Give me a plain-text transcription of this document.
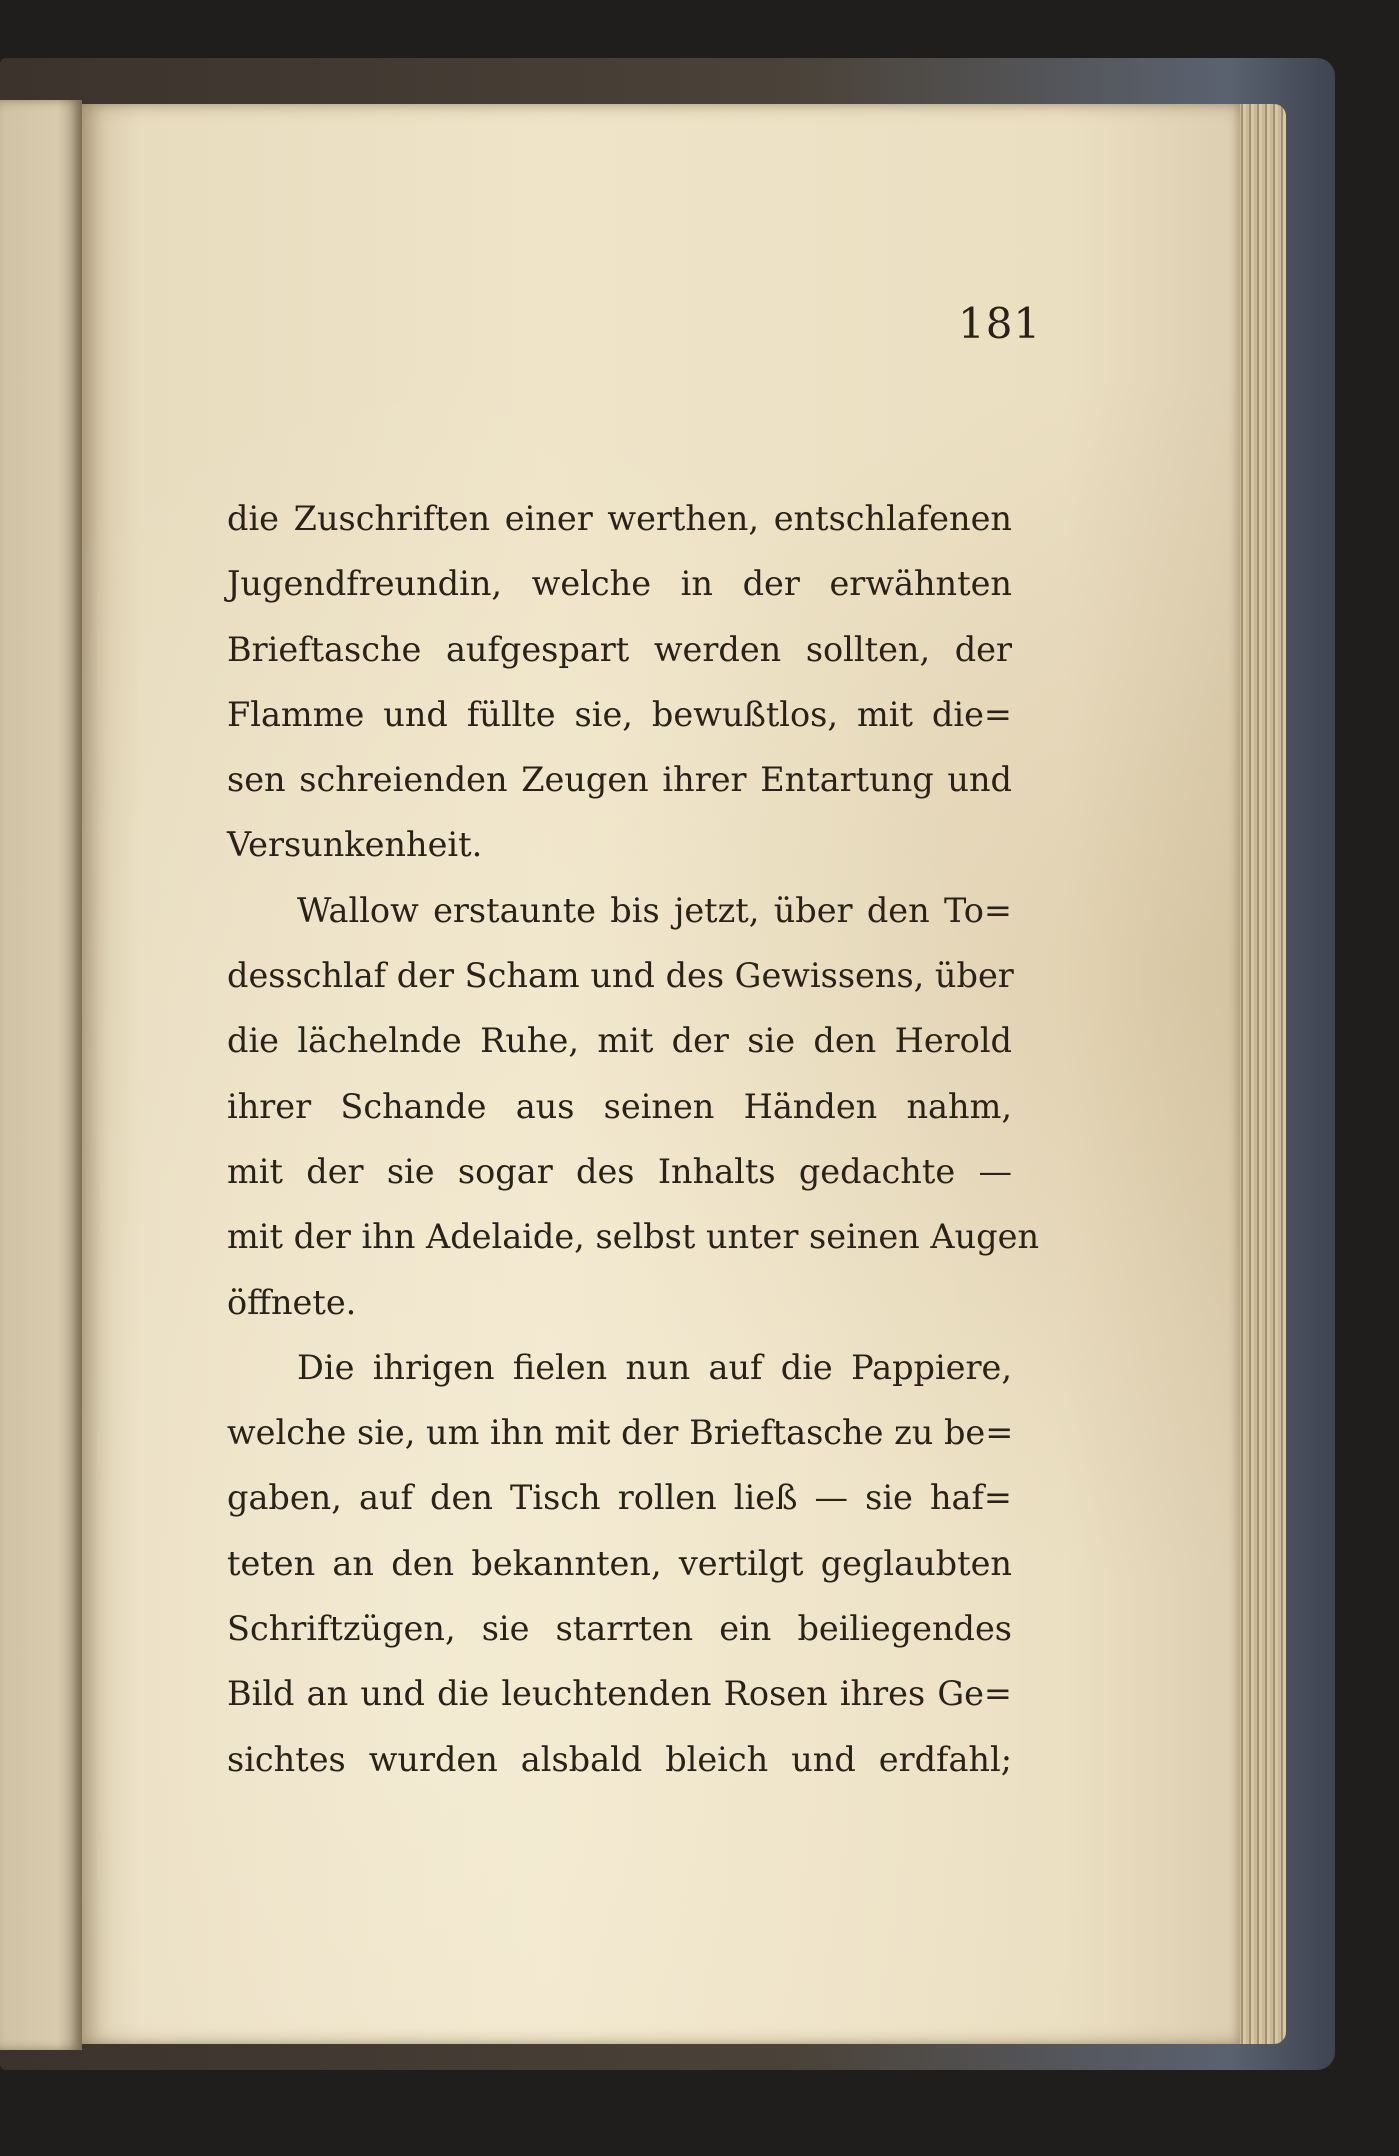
181
die Zuschriften einer werthen, entschlafenen
Jugendfreundin, welche in der erwähnten
Brieftasche aufgespart werden sollten, der
Flamme und füllte sie, bewußtlos, mit die=
sen schreienden Zeugen ihrer Entartung und
Versunkenheit.
Wallow erstaunte bis jetzt, über den To=
desschlaf der Scham und des Gewissens, über
die lächelnde Ruhe, mit der sie den Herold
ihrer Schande aus seinen Händen nahm,
mit der sie sogar des Inhalts gedachte —
mit der ihn Adelaide, selbst unter seinen Augen
öffnete.
Die ihrigen fielen nun auf die Pappiere,
welche sie, um ihn mit der Brieftasche zu be=
gaben, auf den Tisch rollen ließ — sie haf=
teten an den bekannten, vertilgt geglaubten
Schriftzügen, sie starrten ein beiliegendes
Bild an und die leuchtenden Rosen ihres Ge=
sichtes wurden alsbald bleich und erdfahl;
